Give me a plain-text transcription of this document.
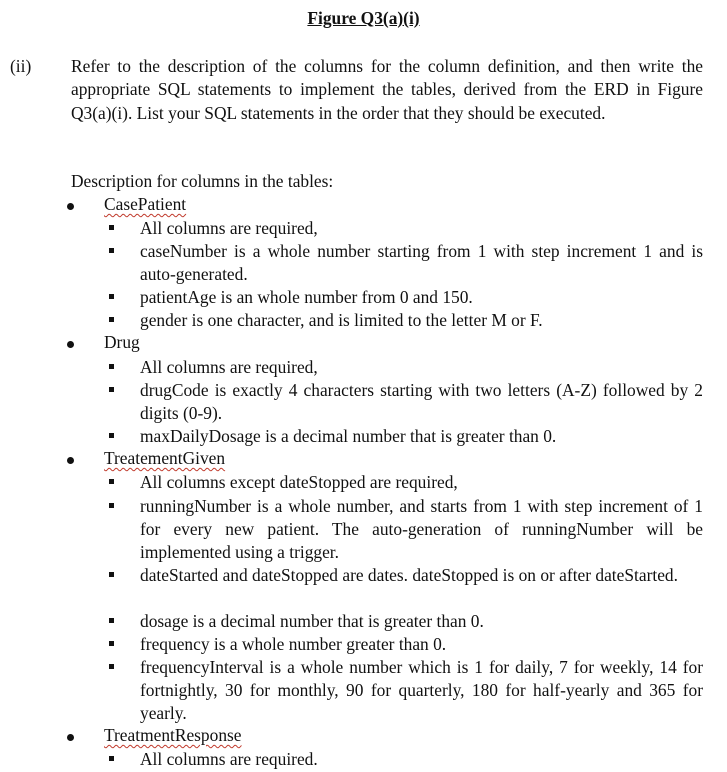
Figure Q3(a)(i)
(ii) Refer to the description of the columns for the column definition, and then write the appropriate SQL statements to implement the tables, derived from the ERD in Figure Q3(a)(i). List your SQL statements in the order that they should be executed.
Description for columns in the tables:
CasePatient
All columns are required,
caseNumber is a whole number starting from 1 with step increment 1 and is auto-generated.
patientAge is an whole number from 0 and 150.
gender is one character, and is limited to the letter M or F.
Drug
All columns are required,
drugCode is exactly 4 characters starting with two letters (A-Z) followed by 2 digits (0-9).
maxDailyDosage is a decimal number that is greater than 0.
TreatementGiven
All columns except dateStopped are required,
runningNumber is a whole number, and starts from 1 with step increment of 1 for every new patient. The auto-generation of runningNumber will be implemented using a trigger.
dateStarted and dateStopped are dates. dateStopped is on or after dateStarted.
dosage is a decimal number that is greater than 0.
frequency is a whole number greater than 0.
frequencyInterval is a whole number which is 1 for daily, 7 for weekly, 14 for fortnightly, 30 for monthly, 90 for quarterly, 180 for half-yearly and 365 for yearly.
TreatmentResponse
All columns are required.
